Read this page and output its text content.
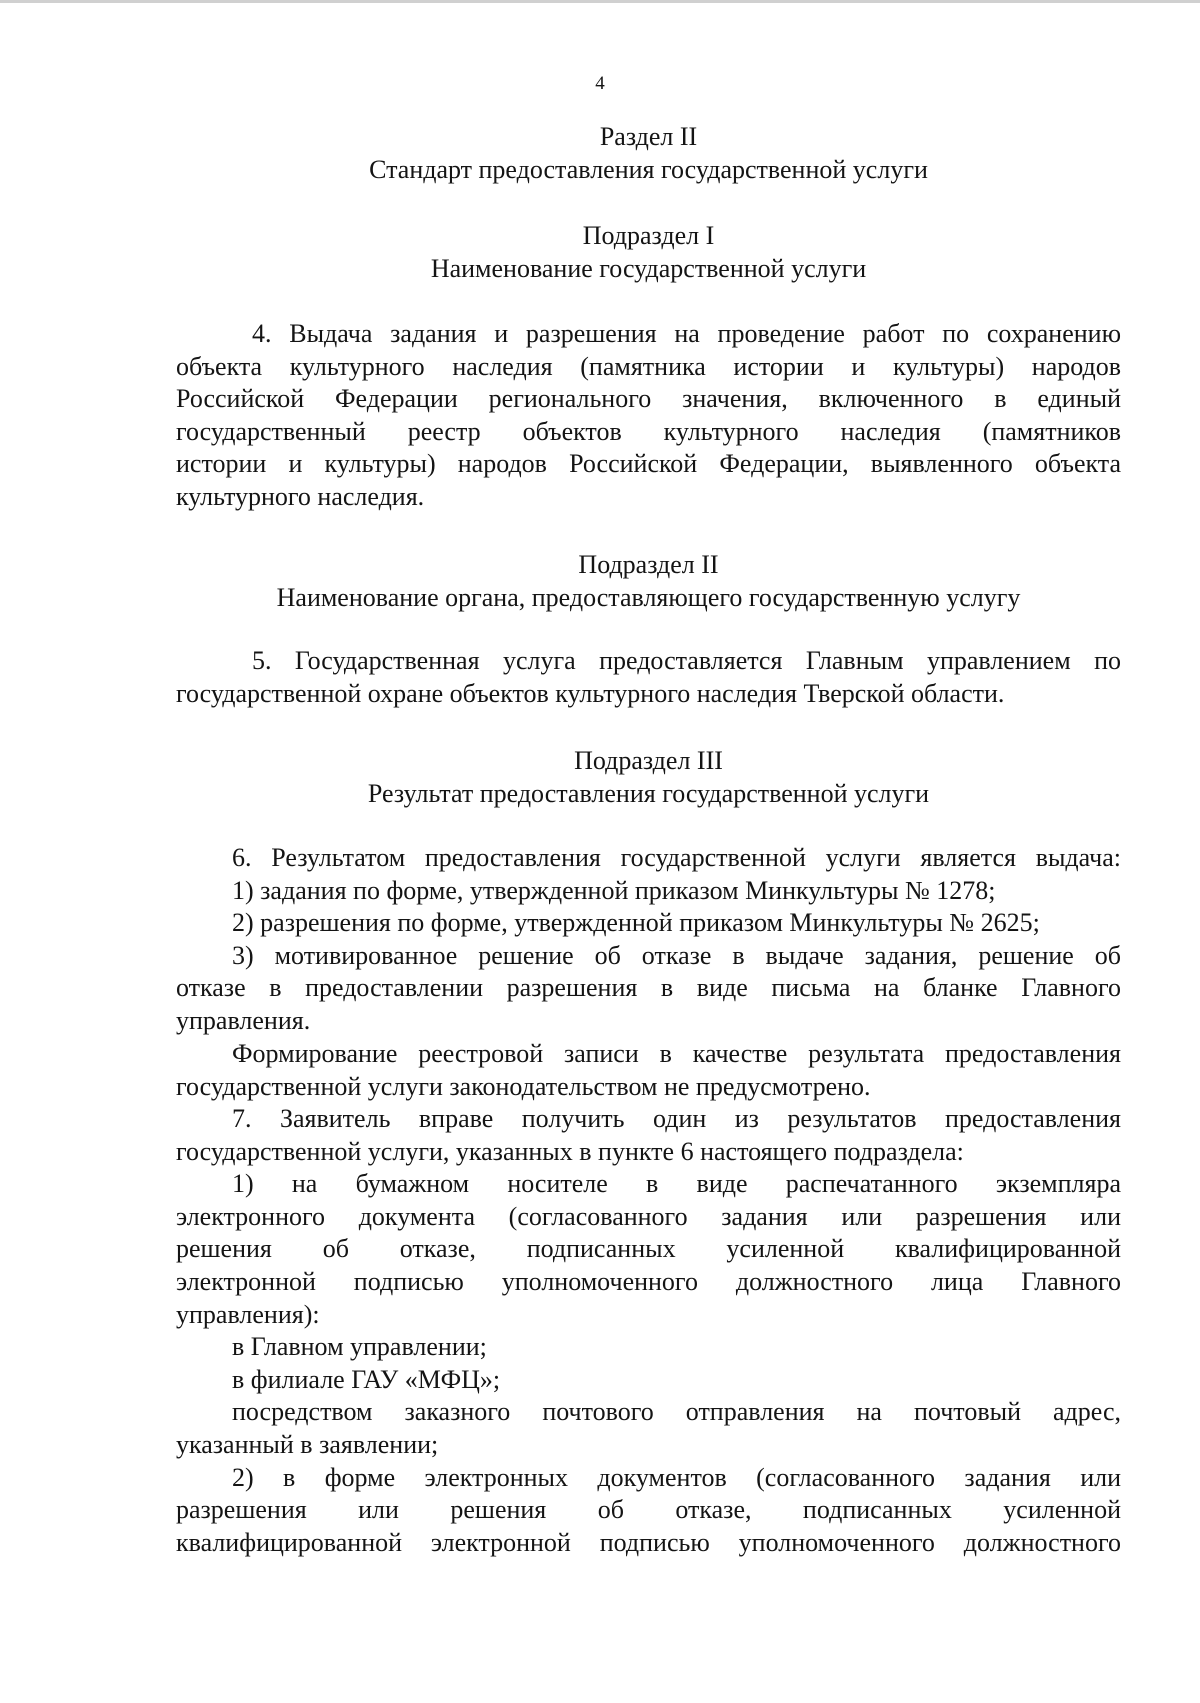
4
Раздел II
Стандарт предоставления государственной услуги
Подраздел I
Наименование государственной услуги
4. Выдача задания и разрешения на проведение работ по сохранению
объекта культурного наследия (памятника истории и культуры) народов
Российской Федерации регионального значения, включенного в единый
государственный реестр объектов культурного наследия (памятников
истории и культуры) народов Российской Федерации, выявленного объекта
культурного наследия.
Подраздел II
Наименование органа, предоставляющего государственную услугу
5. Государственная услуга предоставляется Главным управлением по
государственной охране объектов культурного наследия Тверской области.
Подраздел III
Результат предоставления государственной услуги
6. Результатом предоставления государственной услуги является выдача:
1) задания по форме, утвержденной приказом Минкультуры № 1278;
2) разрешения по форме, утвержденной приказом Минкультуры № 2625;
3) мотивированное решение об отказе в выдаче задания, решение об
отказе в предоставлении разрешения в виде письма на бланке Главного
управления.
Формирование реестровой записи в качестве результата предоставления
государственной услуги законодательством не предусмотрено.
7. Заявитель вправе получить один из результатов предоставления
государственной услуги, указанных в пункте 6 настоящего подраздела:
1) на бумажном носителе в виде распечатанного экземпляра
электронного документа (согласованного задания или разрешения или
решения об отказе, подписанных усиленной квалифицированной
электронной подписью уполномоченного должностного лица Главного
управления):
в Главном управлении;
в филиале ГАУ «МФЦ»;
посредством заказного почтового отправления на почтовый адрес,
указанный в заявлении;
2) в форме электронных документов (согласованного задания или
разрешения или решения об отказе, подписанных усиленной
квалифицированной электронной подписью уполномоченного должностного
